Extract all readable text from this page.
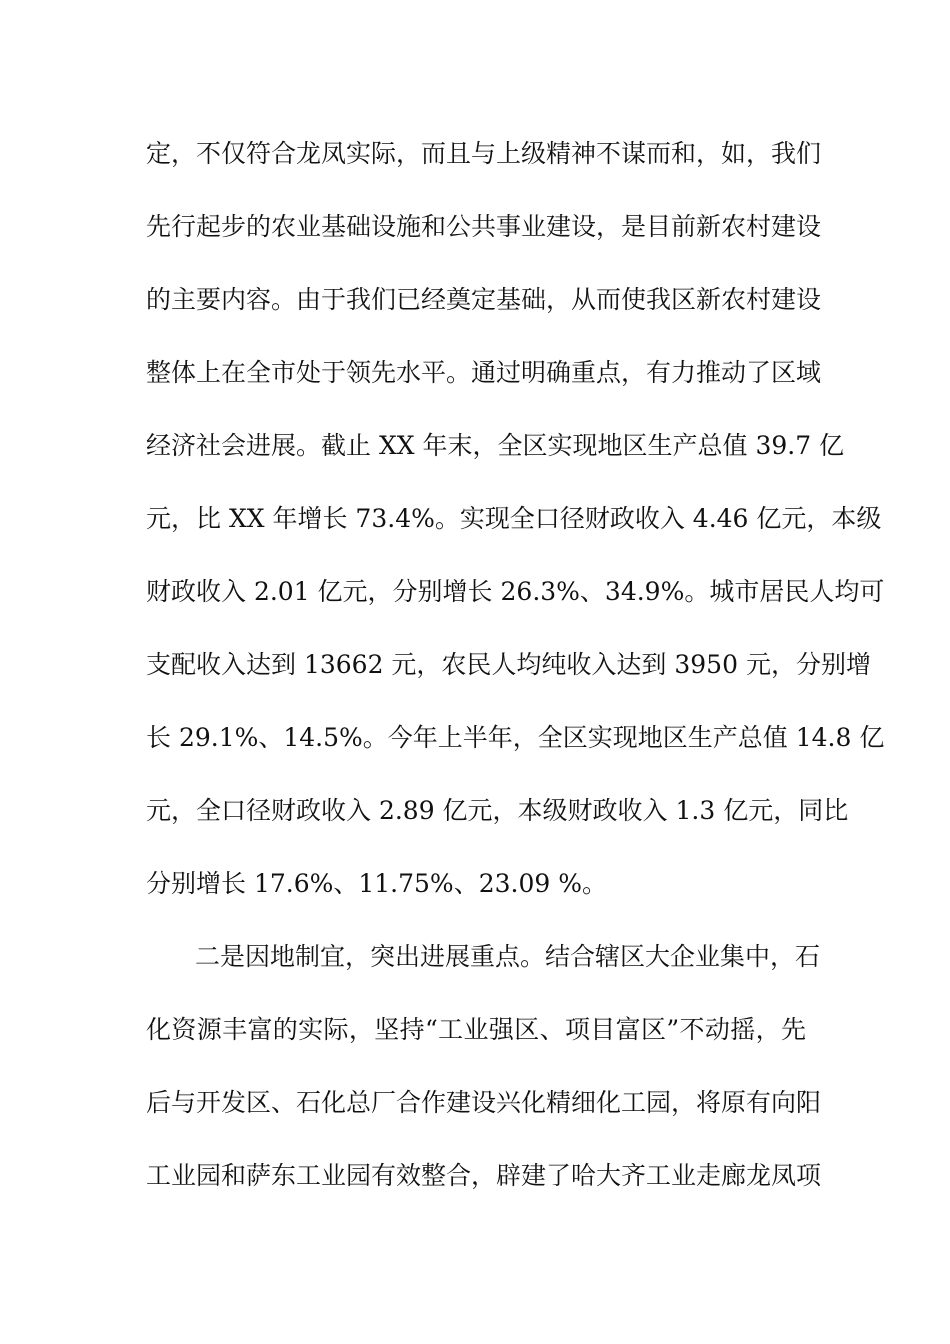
定，不仅符合龙凤实际，而且与上级精神不谋而和，如，我们
先行起步的农业基础设施和公共事业建设，是目前新农村建设
的主要内容。由于我们已经奠定基础，从而使我区新农村建设
整体上在全市处于领先水平。通过明确重点，有力推动了区域
经济社会进展。截止 XX 年末，全区实现地区生产总值 39.7 亿
元，比 XX 年增长 73.4%。实现全口径财政收入 4.46 亿元，本级
财政收入 2.01 亿元，分别增长 26.3%、34.9%。城市居民人均可
支配收入达到 13662 元，农民人均纯收入达到 3950 元，分别增
长 29.1%、14.5%。今年上半年，全区实现地区生产总值 14.8 亿
元，全口径财政收入 2.89 亿元，本级财政收入 1.3 亿元，同比
分别增长 17.6%、11.75%、23.09 %。
二是因地制宜，突出进展重点。结合辖区大企业集中，石
化资源丰富的实际，坚持“工业强区、项目富区”不动摇，先
后与开发区、石化总厂合作建设兴化精细化工园，将原有向阳
工业园和萨东工业园有效整合，辟建了哈大齐工业走廊龙凤项
